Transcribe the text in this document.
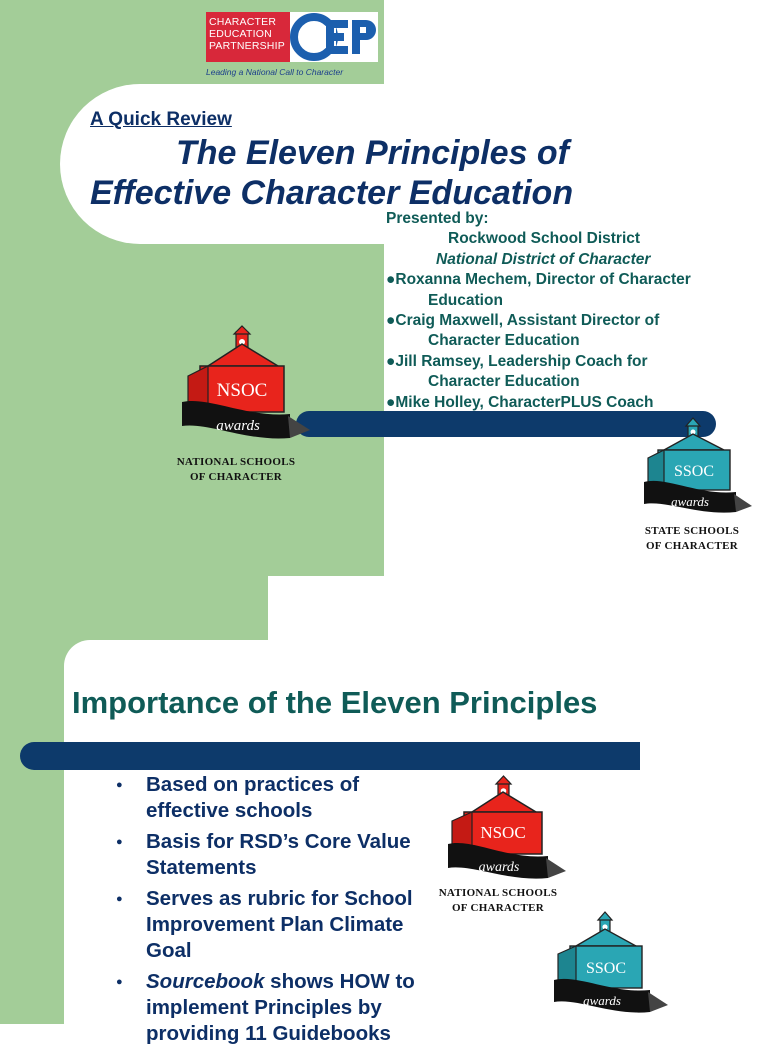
CHARACTER EDUCATION PARTNERSHIP
Leading a National Call to Character
A Quick Review
The Eleven Principles of
Effective Character Education
Presented by:
Rockwood School District
National District of Character
●Roxanna Mechem, Director of Character
Education
●Craig Maxwell, Assistant Director of
Character Education
●Jill Ramsey, Leadership Coach for
Character Education
●Mike Holley, CharacterPLUS Coach
NSOC
awards
NATIONAL SCHOOLS
OF CHARACTER	SSOC
awards
STATE SCHOOLS
OF CHARACTER
Importance of the Eleven Principles
● Based on practices of effective schools
● Basis for RSD’s Core Value Statements
● Serves as rubric for School Improvement Plan Climate Goal
● Sourcebook shows HOW to implement Principles by providing 11 Guidebooks
NSOC
awards
NATIONAL SCHOOLS
OF CHARACTER
SSOC
awards
